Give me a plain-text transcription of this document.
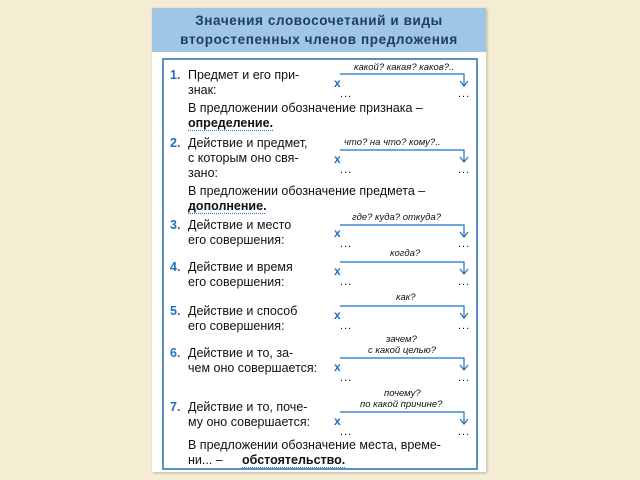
Значения словосочетаний и виды
второстепенных членов предложения
1. Предмет и его при-
знак:
какой? какая? каков?..
x
...	...
В предложении обозначение признака –
определение.
2. Действие и предмет,
с которым оно свя-
зано:
что? на что? кому?..
x
...	...
В предложении обозначение предмета –
дополнение.
3. Действие и место
его совершения:
где? куда? откуда?
x
...	...
4. Действие и время
его совершения:
когда?
x
...	...
5. Действие и способ
его совершения:
как?
x
...	...
6. Действие и то, за-
чем оно совершается:
зачем?
с какой целью?
x
...	...
7. Действие и то, поче-
му оно совершается:
почему?
по какой причине?
x
...	...
В предложении обозначение места, време-
ни... – обстоятельство.
